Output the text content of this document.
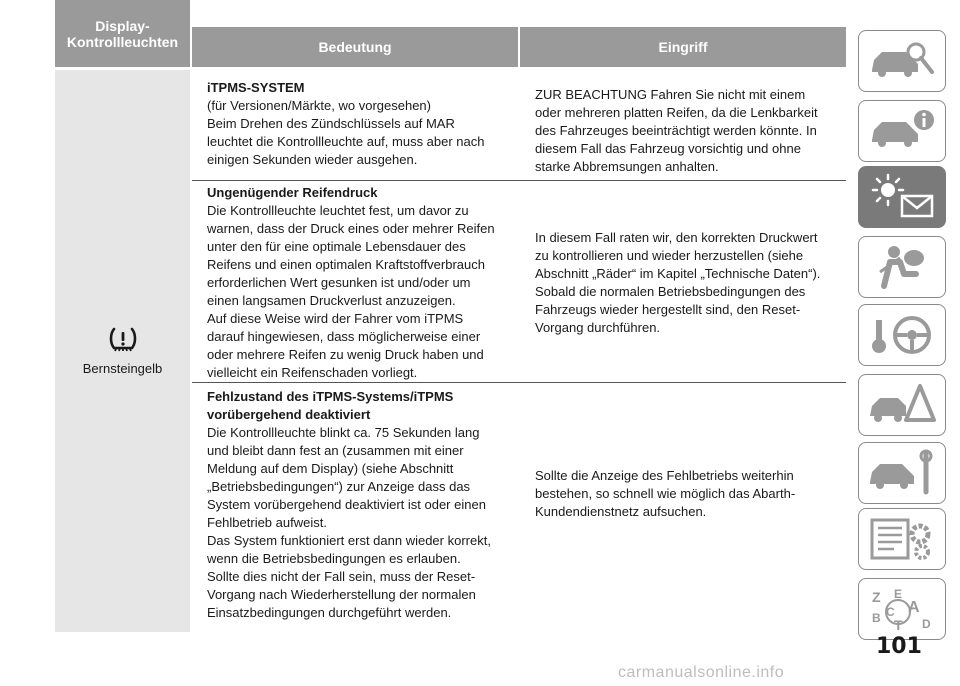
Display-
Kontrollleuchten	Bedeutung	Eingriff
Bernsteingelb
iTPMS-SYSTEM
(für Versionen/Märkte, wo vorgesehen)
Beim Drehen des Zündschlüssels auf MAR
leuchtet die Kontrollleuchte auf, muss aber nach
einigen Sekunden wieder ausgehen.
ZUR BEACHTUNG Fahren Sie nicht mit einem
oder mehreren platten Reifen, da die Lenkbarkeit
des Fahrzeuges beeinträchtigt werden könnte. In
diesem Fall das Fahrzeug vorsichtig und ohne
starke Abbremsungen anhalten.
Ungenügender Reifendruck
Die Kontrollleuchte leuchtet fest, um davor zu
warnen, dass der Druck eines oder mehrer Reifen
unter den für eine optimale Lebensdauer des
Reifens und einen optimalen Kraftstoffverbrauch
erforderlichen Wert gesunken ist und/oder um
einen langsamen Druckverlust anzuzeigen.
Auf diese Weise wird der Fahrer vom iTPMS
darauf hingewiesen, dass möglicherweise einer
oder mehrere Reifen zu wenig Druck haben und
vielleicht ein Reifenschaden vorliegt.
In diesem Fall raten wir, den korrekten Druckwert
zu kontrollieren und wieder herzustellen (siehe
Abschnitt „Räder“ im Kapitel „Technische Daten“).
Sobald die normalen Betriebsbedingungen des
Fahrzeugs wieder hergestellt sind, den Reset-
Vorgang durchführen.
Fehlzustand des iTPMS-Systems/iTPMS
vorübergehend deaktiviert
Die Kontrollleuchte blinkt ca. 75 Sekunden lang
und bleibt dann fest an (zusammen mit einer
Meldung auf dem Display) (siehe Abschnitt
„Betriebsbedingungen“) zur Anzeige dass das
System vorübergehend deaktiviert ist oder einen
Fehlbetrieb aufweist.
Das System funktioniert erst dann wieder korrekt,
wenn die Betriebsbedingungen es erlauben.
Sollte dies nicht der Fall sein, muss der Reset-
Vorgang nach Wiederherstellung der normalen
Einsatzbedingungen durchgeführt werden.
Sollte die Anzeige des Fehlbetriebs weiterhin
bestehen, so schnell wie möglich das Abarth-
Kundendienstnetz aufsuchen.
Z E
A
B C
T D
101
carmanualsonline.info
